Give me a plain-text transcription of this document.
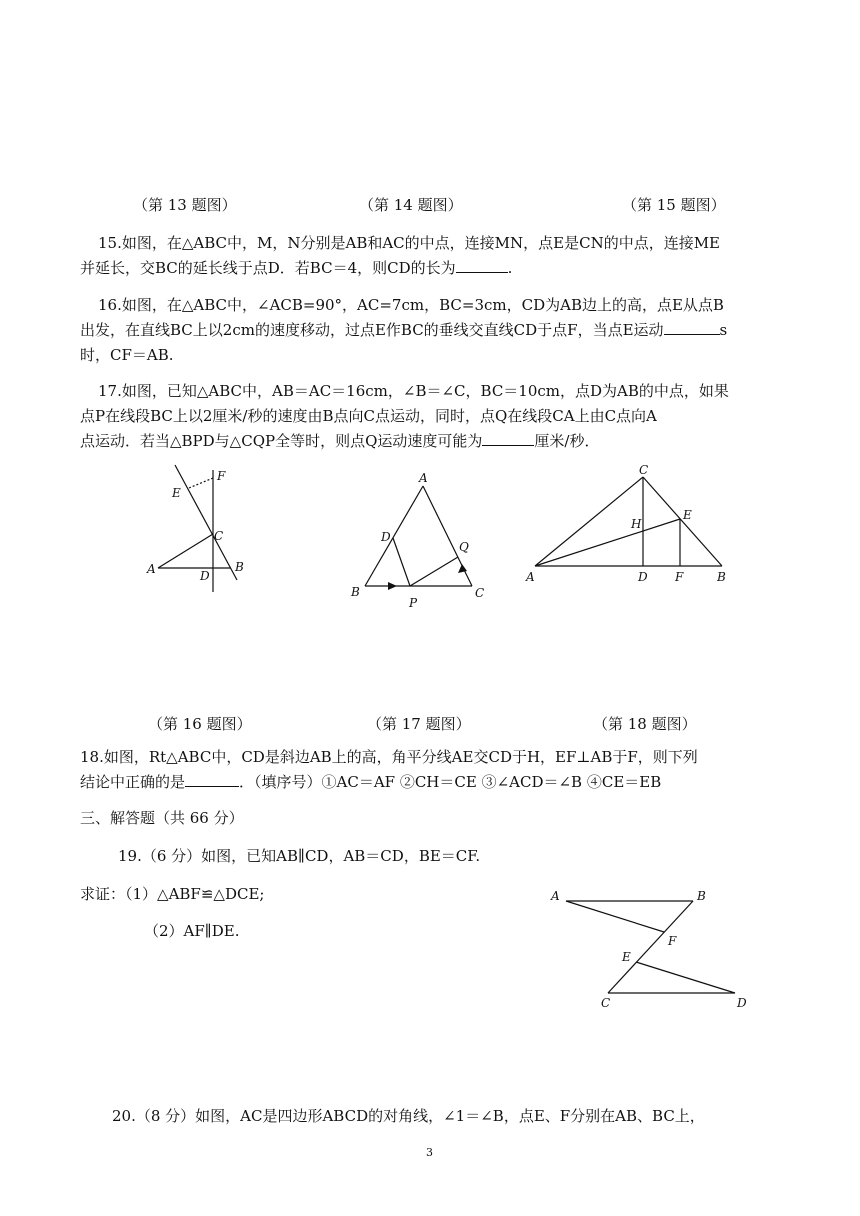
（第 13 题图）	（第 14 题图）	（第 15 题图）
15.如图，在△ABC中，M，N分别是AB和AC的中点，连接MN，点E是CN的中点，连接ME
并延长，交BC的延长线于点D．若BC＝4，则CD的长为	.
16.如图，在△ABC中，∠ACB=90°，AC=7cm，BC=3cm，CD为AB边上的高，点E从点B
出发，在直线BC上以2cm的速度移动，过点E作BC的垂线交直线CD于点F，当点E运动	s
时，CF＝AB.
17.如图，已知△ABC中，AB＝AC＝16cm，∠B＝∠C，BC＝10cm，点D为AB的中点，如果
点P在线段BC上以2厘米/秒的速度由B点向C点运动，同时，点Q在线段CA上由C点向A
点运动．若当△BPD与△CQP全等时，则点Q运动速度可能为	厘米/秒．
F
E
C
A	D
B
A
D
Q
B
P
C
C
E
H
A	D F	B
（第 16 题图）	（第 17 题图）	（第 18 题图）
18.如图，Rt△ABC中，CD是斜边AB上的高，角平分线AE交CD于H，EF⊥AB于F，则下列
结论中正确的是	．（填序号）①AC＝AF ②CH＝CE ③∠ACD＝∠B ④CE＝EB
三、解答题（共 66 分）
19.（6 分）如图，已知AB∥CD，AB＝CD，BE＝CF.
求证：（1）△ABF≌△DCE;
（2）AF∥DE.
A	B
F
E
C	D
20.（8 分）如图，AC是四边形ABCD的对角线，∠1＝∠B，点E、F分别在AB、BC上，
3
